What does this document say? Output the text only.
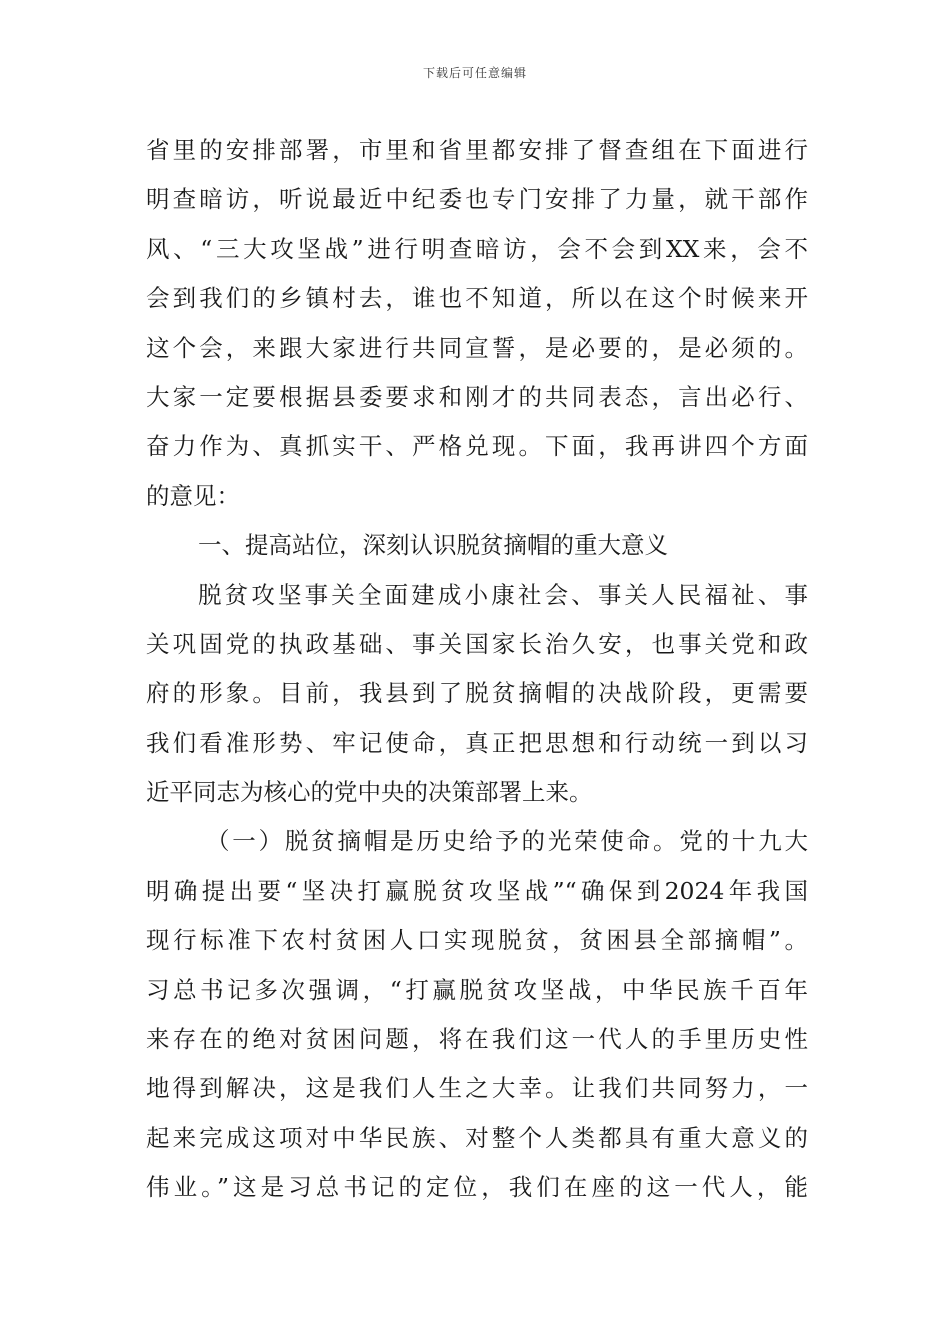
下载后可任意编辑
省里的安排部署，市里和省里都安排了督查组在下面进行
明查暗访，听说最近中纪委也专门安排了力量，就干部作
风、“三大攻坚战”进行明查暗访，会不会到XX来，会不
会到我们的乡镇村去，谁也不知道，所以在这个时候来开
这个会，来跟大家进行共同宣誓，是必要的，是必须的。
大家一定要根据县委要求和刚才的共同表态，言出必行、
奋力作为、真抓实干、严格兑现。下面，我再讲四个方面
的意见：
一、提高站位，深刻认识脱贫摘帽的重大意义
脱贫攻坚事关全面建成小康社会、事关人民福祉、事
关巩固党的执政基础、事关国家长治久安，也事关党和政
府的形象。目前，我县到了脱贫摘帽的决战阶段，更需要
我们看准形势、牢记使命，真正把思想和行动统一到以习
近平同志为核心的党中央的决策部署上来。
（一）脱贫摘帽是历史给予的光荣使命。党的十九大
明确提出要“坚决打赢脱贫攻坚战”“确保到2024年我国
现行标准下农村贫困人口实现脱贫，贫困县全部摘帽”。
习总书记多次强调，“打赢脱贫攻坚战，中华民族千百年
来存在的绝对贫困问题，将在我们这一代人的手里历史性
地得到解决，这是我们人生之大幸。让我们共同努力，一
起来完成这项对中华民族、对整个人类都具有重大意义的
伟业。”这是习总书记的定位，我们在座的这一代人，能
